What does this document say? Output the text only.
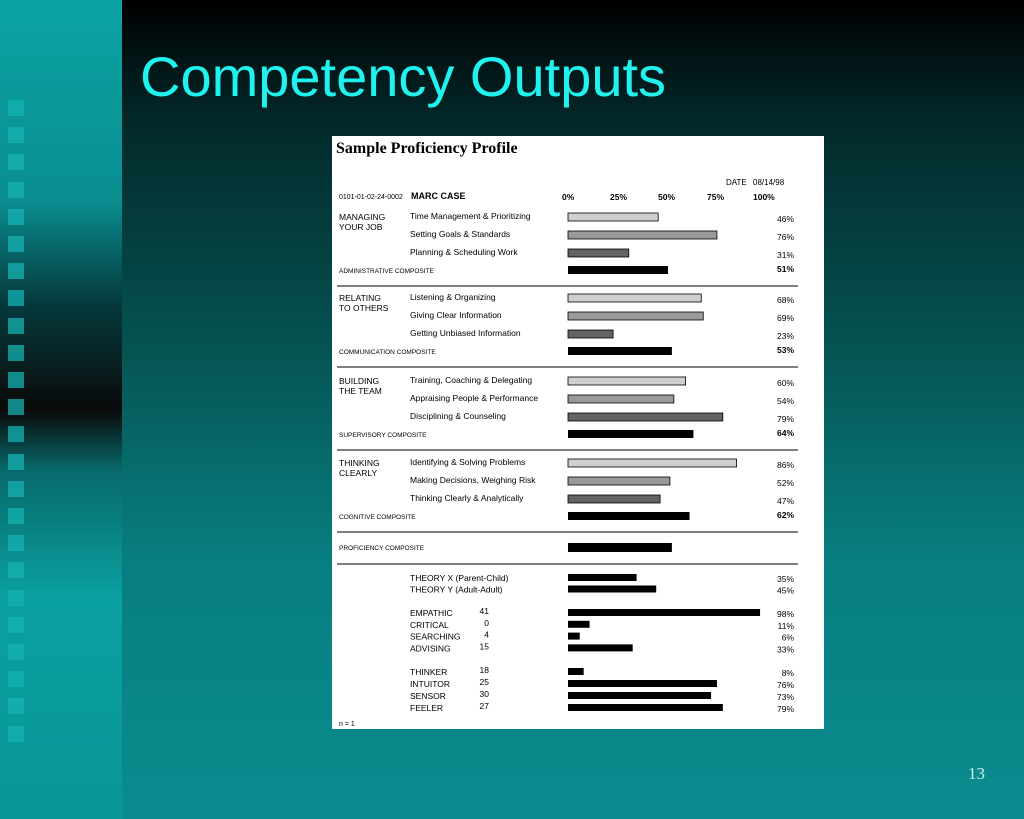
Competency Outputs
Sample Proficiency Profile
DATE 08/14/98
0101-01-02-24-0002 MARC CASE
n = 1
0%	25%	50%	75%	100%
MANAGING
YOUR JOB
Time Management & Prioritizing	46%
Setting Goals & Standards	76%
Planning & Scheduling Work	31%
ADMINISTRATIVE COMPOSITE	51%
RELATING
TO OTHERS
Listening & Organizing	68%
Giving Clear Information	69%
Getting Unbiased Information	23%
COMMUNICATION COMPOSITE	53%
BUILDING
THE TEAM
Training, Coaching & Delegating	60%
Appraising People & Performance	54%
Disciplining & Counseling	79%
SUPERVISORY COMPOSITE	64%
THINKING
CLEARLY
Identifying & Solving Problems	86%
Making Decisions, Weighing Risk	52%
Thinking Clearly & Analytically	47%
COGNITIVE COMPOSITE	62%
PROFICIENCY COMPOSITE
THEORY X (Parent-Child)	35%
THEORY Y (Adult-Adult)	45%
EMPATHIC	41	98%
CRITICAL	0	11%
SEARCHING	4	6%
ADVISING	15	33%
THINKER	18	8%
INTUITOR	25	76%
SENSOR	30	73%
FEELER	27	79%
13
